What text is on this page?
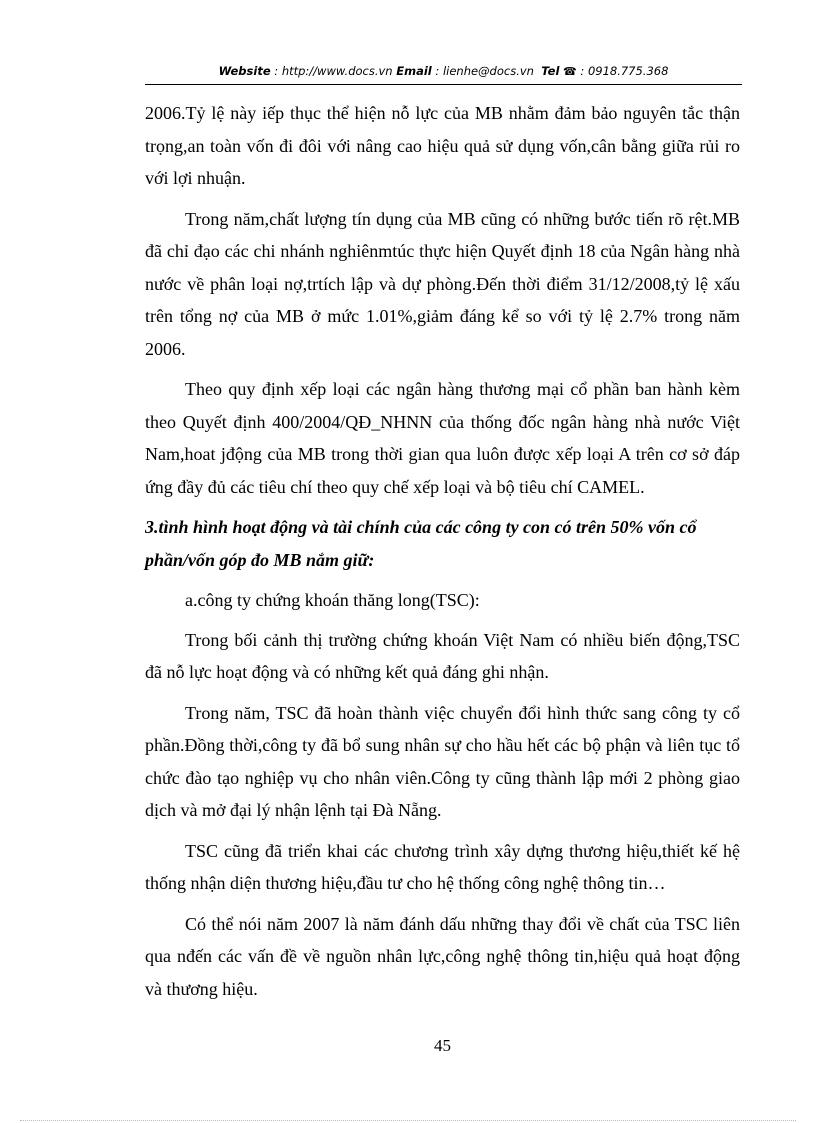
Website : http://www.docs.vn Email : lienhe@docs.vn Tel ☎ : 0918.775.368

2006.Tỷ lệ này iếp thục thể hiện nỗ lực của MB nhằm đảm bảo nguyên tắc thận trọng,an toàn vốn đi đôi với nâng cao hiệu quả sử dụng vốn,cân bằng giữa rủi ro với lợi nhuận.

Trong năm,chất lượng tín dụng của MB cũng có những bước tiến rõ rệt.MB đã chỉ đạo các chi nhánh nghiênmtúc thực hiện Quyết định 18 của Ngân hàng nhà nước về phân loại nợ,trtích lập và dự phòng.Đến thời điểm 31/12/2008,tỷ lệ xấu trên tổng nợ của MB ở mức 1.01%,giảm đáng kể so với tỷ lệ 2.7% trong năm 2006.

Theo quy định xếp loại các ngân hàng thương mại cổ phần ban hành kèm theo Quyết định 400/2004/QĐ_NHNN của thống đốc ngân hàng nhà nước Việt Nam,hoat jđộng của MB trong thời gian qua luôn được xếp loại A trên cơ sở đáp ứng đầy đủ các tiêu chí theo quy chế xếp loại và bộ tiêu chí CAMEL.

3.tình hình hoạt động và tài chính của các công ty con có trên 50% vốn cổ phần/vốn góp đo MB nắm giữ:

a.công ty chứng khoán thăng long(TSC):

Trong bối cảnh thị trường chứng khoán Việt Nam có nhiều biến động,TSC đã nỗ lực hoạt động và có những kết quả đáng ghi nhận.

Trong năm, TSC đã hoàn thành việc chuyển đổi hình thức sang công ty cổ phần.Đồng thời,công ty đã bổ sung nhân sự cho hầu hết các bộ phận và liên tục tổ chức đào tạo nghiệp vụ cho nhân viên.Công ty cũng thành lập mới 2 phòng giao dịch và mở đại lý nhận lệnh tại Đà Nẵng.

TSC cũng đã triển khai các chương trình xây dựng thương hiệu,thiết kế hệ thống nhận diện thương hiệu,đầu tư cho hệ thống công nghệ thông tin…

Có thể nói năm 2007 là năm đánh dấu những thay đổi về chất của TSC liên qua nđến các vấn đề về nguồn nhân lực,công nghệ thông tin,hiệu quả hoạt động và thương hiệu.

45
